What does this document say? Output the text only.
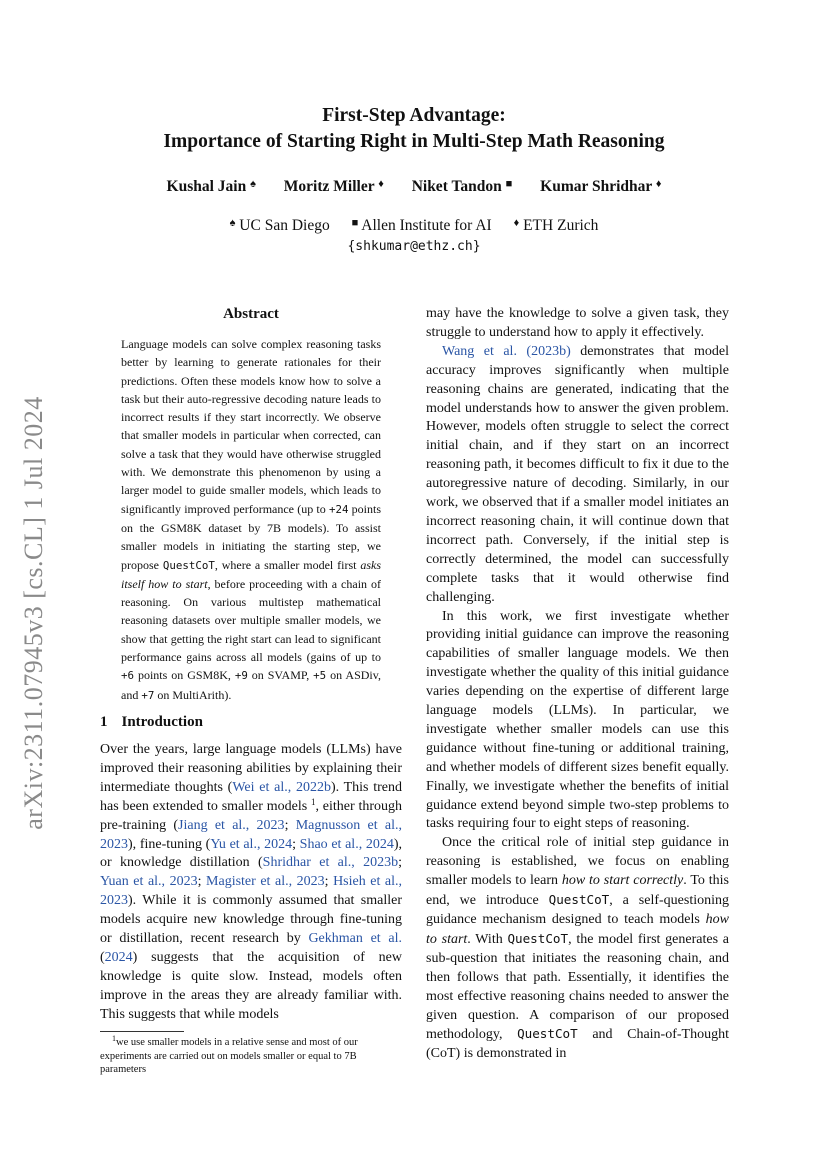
arXiv:2311.07945v3 [cs.CL] 1 Jul 2024
First-Step Advantage:
Importance of Starting Right in Multi-Step Math Reasoning
Kushal Jain ♠ Moritz Miller ♦ Niket Tandon ■ Kumar Shridhar ♦
♠ UC San Diego ■ Allen Institute for AI ♦ ETH Zurich
{shkumar@ethz.ch}
Abstract
Language models can solve complex reasoning tasks better by learning to generate rationales for their predictions. Often these models know how to solve a task but their auto-regressive decoding nature leads to incorrect results if they start incorrectly. We observe that smaller models in particular when corrected, can solve a task that they would have otherwise struggled with. We demonstrate this phenomenon by using a larger model to guide smaller models, which leads to significantly improved performance (up to +24 points on the GSM8K dataset by 7B models). To assist smaller models in initiating the starting step, we propose QuestCoT, where a smaller model first asks itself how to start, before proceeding with a chain of reasoning. On various multistep mathematical reasoning datasets over multiple smaller models, we show that getting the right start can lead to significant performance gains across all models (gains of up to +6 points on GSM8K, +9 on SVAMP, +5 on ASDiv, and +7 on MultiArith).
1 Introduction
Over the years, large language models (LLMs) have improved their reasoning abilities by explaining their intermediate thoughts (Wei et al., 2022b). This trend has been extended to smaller models $^1$, either through pre-training (Jiang et al., 2023; Magnusson et al., 2023), fine-tuning (Yu et al., 2024; Shao et al., 2024), or knowledge distillation (Shridhar et al., 2023b; Yuan et al., 2023; Magister et al., 2023; Hsieh et al., 2023). While it is commonly assumed that smaller models acquire new knowledge through fine-tuning or distillation, recent research by Gekhman et al. (2024) suggests that the acquisition of new knowledge is quite slow. Instead, models often improve in the areas they are already familiar with. This suggests that while models
$^1$we use smaller models in a relative sense and most of our experiments are carried out on models smaller or equal to 7B parameters

may have the knowledge to solve a given task, they struggle to understand how to apply it effectively.

Wang et al. (2023b) demonstrates that model accuracy improves significantly when multiple reasoning chains are generated, indicating that the model understands how to answer the given problem. However, models often struggle to select the correct initial chain, and if they start on an incorrect reasoning path, it becomes difficult to fix it due to the autoregressive nature of decoding. Similarly, in our work, we observed that if a smaller model initiates an incorrect reasoning chain, it will continue down that incorrect path. Conversely, if the initial step is correctly determined, the model can successfully complete tasks that it would otherwise find challenging.

In this work, we first investigate whether providing initial guidance can improve the reasoning capabilities of smaller language models. We then investigate whether the quality of this initial guidance varies depending on the expertise of different large language models (LLMs). In particular, we investigate whether smaller models can use this guidance without fine-tuning or additional training, and whether models of different sizes benefit equally. Finally, we investigate whether the benefits of initial guidance extend beyond simple two-step problems to tasks requiring four to eight steps of reasoning.

Once the critical role of initial step guidance in reasoning is established, we focus on enabling smaller models to learn how to start correctly. To this end, we introduce QuestCoT, a self-questioning guidance mechanism designed to teach models how to start. With QuestCoT, the model first generates a sub-question that initiates the reasoning chain, and then follows that path. Essentially, it identifies the most effective reasoning chains needed to answer the given question. A comparison of our proposed methodology, QuestCoT and Chain-of-Thought (CoT) is demonstrated in
